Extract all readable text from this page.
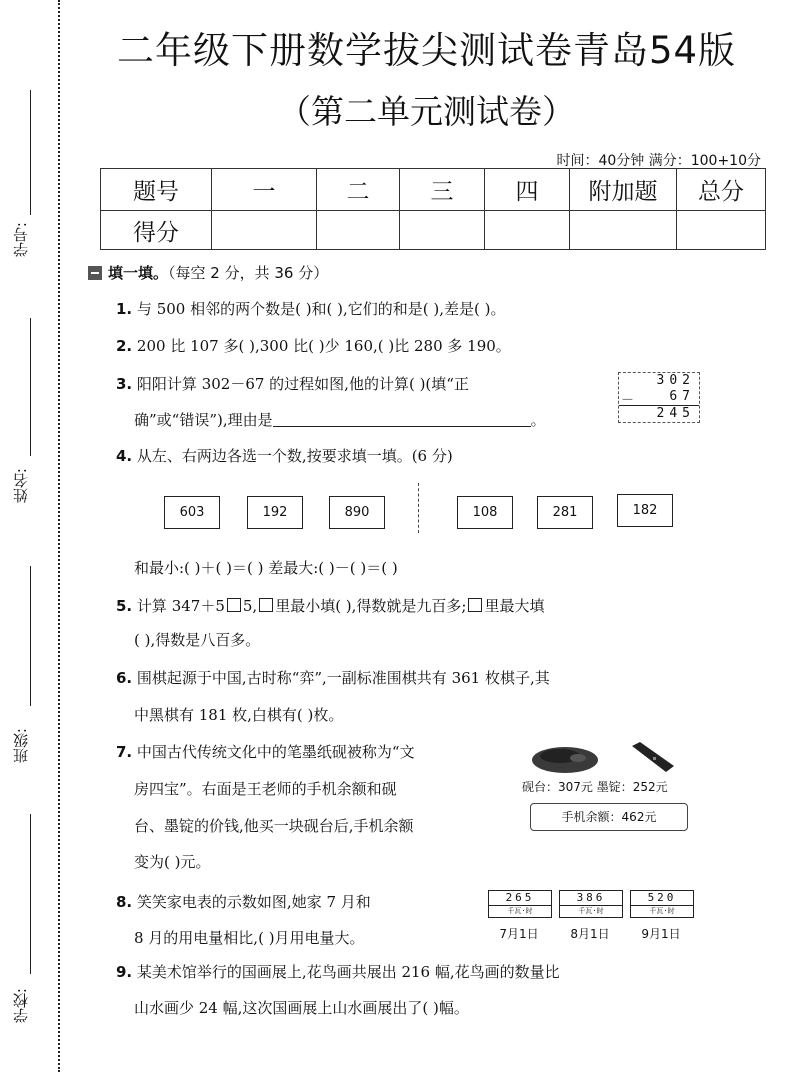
学号:
姓名:
班级:
学校:
二年级下册数学拔尖测试卷青岛54版
（第二单元测试卷）
时间：40分钟 满分：100+10分
题号	一	二	三	四	附加题	总分
得分						
填一填。（每空 2 分，共 36 分）
1. 与 500 相邻的两个数是( )和( ),它们的和是( ),差是( )。
2. 200 比 107 多( ),300 比( )少 160,( )比 280 多 190。
3. 阳阳计算 302－67 的过程如图,他的计算( )(填“正
确”或“错误”),理由是	。
302
－	67
245
4. 从左、右两边各选一个数,按要求填一填。(6 分)
603	192	890	108	281	182
和最小:( )＋( )＝( ) 差最大:( )－( )＝( )
5. 计算 347＋5 5, 里最小填( ),得数就是九百多; 里最大填
( ),得数是八百多。
6. 围棋起源于中国,古时称“弈”,一副标准围棋共有 361 枚棋子,其
中黑棋有 181 枚,白棋有( )枚。
7. 中国古代传统文化中的笔墨纸砚被称为“文
房四宝”。右面是王老师的手机余额和砚
台、墨锭的价钱,他买一块砚台后,手机余额
变为( )元。
砚台：307元 墨锭：252元
手机余额：462元
8. 笑笑家电表的示数如图,她家 7 月和
8 月的用电量相比,( )月用电量大。
265
千瓦·时
386
千瓦·时
520
千瓦·时
7月1日	8月1日	9月1日
9. 某美术馆举行的国画展上,花鸟画共展出 216 幅,花鸟画的数量比
山水画少 24 幅,这次国画展上山水画展出了( )幅。
